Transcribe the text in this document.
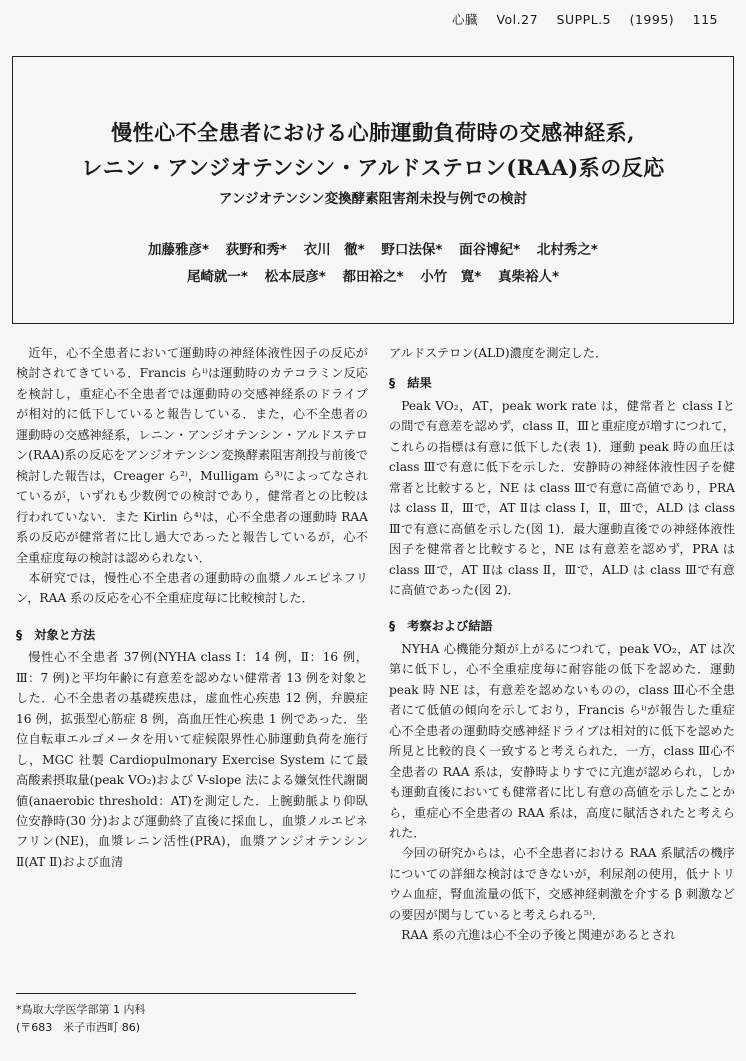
心臓 Vol.27 SUPPL.5 (1995) 115
慢性心不全患者における心肺運動負荷時の交感神経系,
レニン・アンジオテンシン・アルドステロン(RAA)系の反応
アンジオテンシン変換酵素阻害剤未投与例での検討
加藤雅彦* 荻野和秀* 衣川　徹* 野口法保* 面谷博紀* 北村秀之*
尾崎就一* 松本辰彦* 都田裕之* 小竹　寛* 真柴裕人*

近年，心不全患者において運動時の神経体液性因子の反応が検討されてきている．Francis らⁱ⁾は運動時のカテコラミン反応を検討し，重症心不全患者では運動時の交感神経系のドライブが相対的に低下していると報告している．また，心不全患者の運動時の交感神経系，レニン・アンジオテンシン・アルドステロン(RAA)系の反応をアンジオテンシン変換酵素阻害剤投与前後で検討した報告は，Creager ら²⁾，Mulligam ら³⁾によってなされているが，いずれも少数例での検討であり，健常者との比較は行われていない．また Kirlin ら⁴⁾は，心不全患者の運動時 RAA 系の反応が健常者に比し過大であったと報告しているが，心不全重症度毎の検討は認められない．

本研究では，慢性心不全患者の運動時の血漿ノルエピネフリン，RAA 系の反応を心不全重症度毎に比較検討した．

§　対象と方法

慢性心不全患者 37例(NYHA class Ⅰ：14 例，Ⅱ：16 例，Ⅲ：7 例)と平均年齢に有意差を認めない健常者 13 例を対象とした．心不全患者の基礎疾患は，虚血性心疾患 12 例，弁膜症 16 例，拡張型心筋症 8 例，高血圧性心疾患 1 例であった．坐位自転車エルゴメータを用いて症候限界性心肺運動負荷を施行し，MGC 社製 Cardiopulmonary Exercise System にて最高酸素摂取量(peak VO₂)および V-slope 法による嫌気性代謝閾値(anaerobic threshold：AT)を測定した．上腕動脈より仰臥位安静時(30 分)および運動終了直後に採血し，血漿ノルエピネフリン(NE)，血漿レニン活性(PRA)，血漿アンジオテンシンⅡ(AT Ⅱ)および血清

アルドステロン(ALD)濃度を測定した．

§　結果

Peak VO₂，AT，peak work rate は，健常者と class Ⅰとの間で有意差を認めず，class Ⅱ，Ⅲと重症度が増すにつれて，これらの指標は有意に低下した(表 1)．運動 peak 時の血圧は class Ⅲで有意に低下を示した．安静時の神経体液性因子を健常者と比較すると，NE は class Ⅲで有意に高値であり，PRA は class Ⅱ，Ⅲで，AT Ⅱは class Ⅰ，Ⅱ，Ⅲで，ALD は class Ⅲで有意に高値を示した(図 1)．最大運動直後での神経体液性因子を健常者と比較すると，NE は有意差を認めず，PRA は class Ⅲで，AT Ⅱは class Ⅱ，Ⅲで，ALD は class Ⅲで有意に高値であった(図 2)．

§　考察および結語

NYHA 心機能分類が上がるにつれて，peak VO₂，AT は次第に低下し，心不全重症度毎に耐容能の低下を認めた．運動 peak 時 NE は，有意差を認めないものの，class Ⅲ心不全患者にて低値の傾向を示しており，Francis らⁱ⁾が報告した重症心不全患者の運動時交感神経ドライブは相対的に低下を認めた所見と比較的良く一致すると考えられた．一方，class Ⅲ心不全患者の RAA 系は，安静時よりすでに亢進が認められ，しかも運動直後においても健常者に比し有意の高値を示したことから，重症心不全患者の RAA 系は，高度に賦活されたと考えられた．

今回の研究からは，心不全患者における RAA 系賦活の機序についての詳細な検討はできないが，利尿剤の使用，低ナトリウム血症，腎血流量の低下，交感神経刺激を介する β 刺激などの要因が関与していると考えられる⁵⁾．

RAA 系の亢進は心不全の予後と関連があるとされ

*鳥取大学医学部第 1 内科
(〒683　米子市西町 86)
